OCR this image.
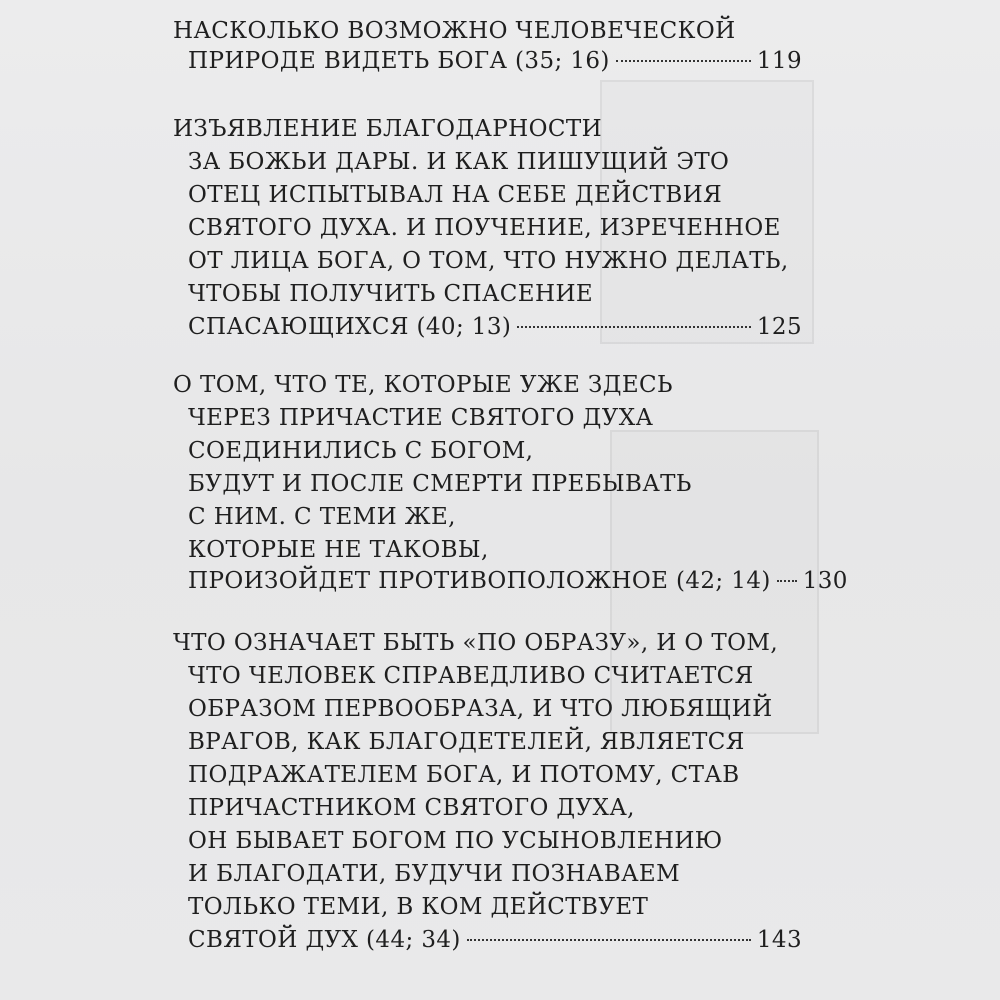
НАСКОЛЬКО ВОЗМОЖНО ЧЕЛОВЕЧЕСКОЙ
ПРИРОДЕ ВИДЕТЬ БОГА (35; 16)	119
ИЗЪЯВЛЕНИЕ БЛАГОДАРНОСТИ
ЗА БОЖЬИ ДАРЫ. И КАК ПИШУЩИЙ ЭТО
ОТЕЦ ИСПЫТЫВАЛ НА СЕБЕ ДЕЙСТВИЯ
СВЯТОГО ДУХА. И ПОУЧЕНИЕ, ИЗРЕЧЕННОЕ
ОТ ЛИЦА БОГА, О ТОМ, ЧТО НУЖНО ДЕЛАТЬ,
ЧТОБЫ ПОЛУЧИТЬ СПАСЕНИЕ
СПАСАЮЩИХСЯ (40; 13)	125
О ТОМ, ЧТО ТЕ, КОТОРЫЕ УЖЕ ЗДЕСЬ
ЧЕРЕЗ ПРИЧАСТИЕ СВЯТОГО ДУХА
СОЕДИНИЛИСЬ С БОГОМ,
БУДУТ И ПОСЛЕ СМЕРТИ ПРЕБЫВАТЬ
С НИМ. С ТЕМИ ЖЕ,
КОТОРЫЕ НЕ ТАКОВЫ,
ПРОИЗОЙДЕТ ПРОТИВОПОЛОЖНОЕ (42; 14) 130
ЧТО ОЗНАЧАЕТ БЫТЬ «ПО ОБРАЗУ», И О ТОМ,
ЧТО ЧЕЛОВЕК СПРАВЕДЛИВО СЧИТАЕТСЯ
ОБРАЗОМ ПЕРВООБРАЗА, И ЧТО ЛЮБЯЩИЙ
ВРАГОВ, КАК БЛАГОДЕТЕЛЕЙ, ЯВЛЯЕТСЯ
ПОДРАЖАТЕЛЕМ БОГА, И ПОТОМУ, СТАВ
ПРИЧАСТНИКОМ СВЯТОГО ДУХА,
ОН БЫВАЕТ БОГОМ ПО УСЫНОВЛЕНИЮ
И БЛАГОДАТИ, БУДУЧИ ПОЗНАВАЕМ
ТОЛЬКО ТЕМИ, В КОМ ДЕЙСТВУЕТ
СВЯТОЙ ДУХ (44; 34)	143
